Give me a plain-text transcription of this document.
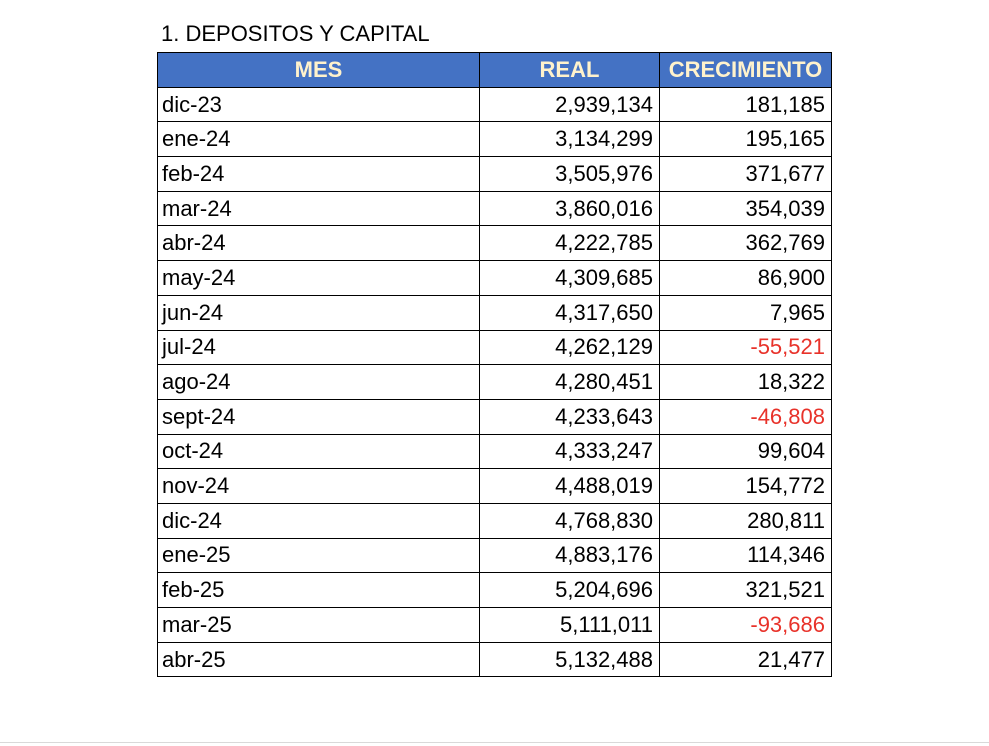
1. DEPOSITOS Y CAPITAL
MES	REAL	CRECIMIENTO
dic-23	2,939,134	181,185
ene-24	3,134,299	195,165
feb-24	3,505,976	371,677
mar-24	3,860,016	354,039
abr-24	4,222,785	362,769
may-24	4,309,685	86,900
jun-24	4,317,650	7,965
jul-24	4,262,129	-55,521
ago-24	4,280,451	18,322
sept-24	4,233,643	-46,808
oct-24	4,333,247	99,604
nov-24	4,488,019	154,772
dic-24	4,768,830	280,811
ene-25	4,883,176	114,346
feb-25	5,204,696	321,521
mar-25	5,111,011	-93,686
abr-25	5,132,488	21,477
